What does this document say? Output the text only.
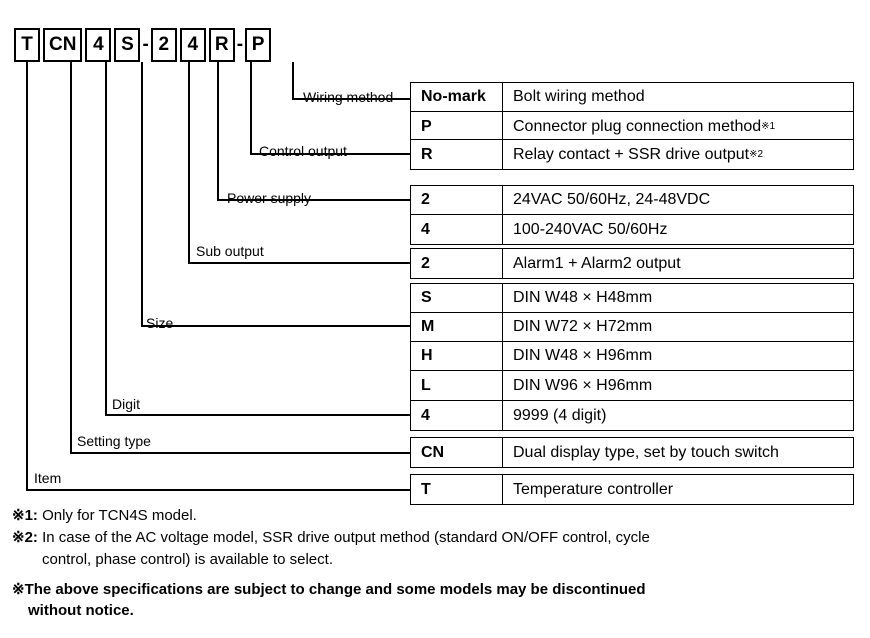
T CN 4 S - 2 4 R - P
Wiring method
Control output
Power supply
Sub output
Size
Digit
Setting type
Item
No-mark	Bolt wiring method
P	Connector plug connection method ※1
R	Relay contact + SSR drive output ※2
2	24VAC 50/60Hz, 24-48VDC
4	100-240VAC 50/60Hz
2	Alarm1 + Alarm2 output
S	DIN W48 × H48mm
M	DIN W72 × H72mm
H	DIN W48 × H96mm
L	DIN W96 × H96mm
4	9999 (4 digit)
CN	Dual display type, set by touch switch
T	Temperature controller
※1: Only for TCN4S model.
※2: In case of the AC voltage model, SSR drive output method (standard ON/OFF control, cycle
control, phase control) is available to select.
※The above specifications are subject to change and some models may be discontinued
without notice.
